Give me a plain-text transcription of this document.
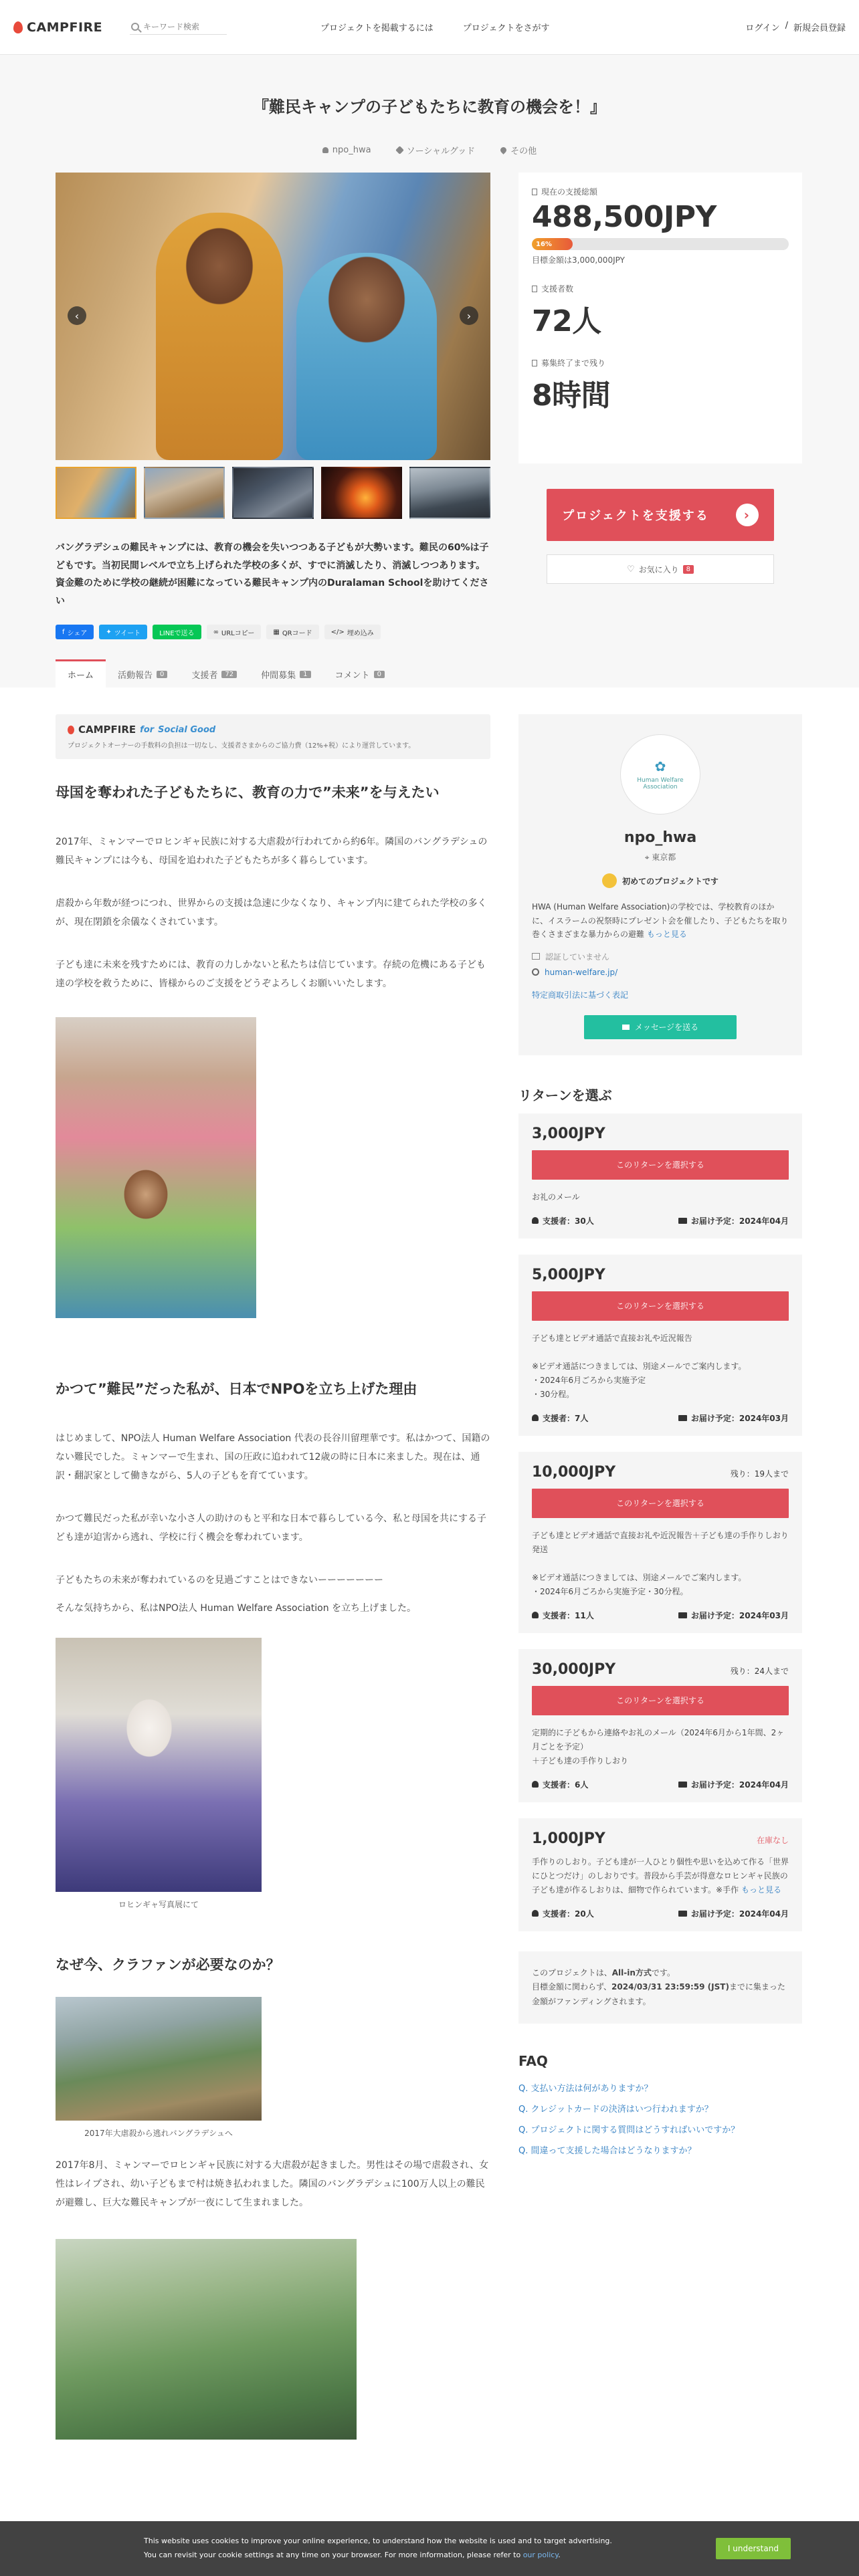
CAMPFIRE
キーワード検索	プロジェクトを掲載するには	プロジェクトをさがす	ログイン / 新規会員登録
『難民キャンプの子どもたちに教育の機会を！』
npo_hwa	ソーシャルグッド	その他
‹	›

バングラデシュの難民キャンプには、教育の機会を失いつつある子どもが大勢います。難民の60%は子どもです。当初民間レベルで立ち上げられた学校の多くが、すでに消滅したり、消滅しつつあります。資金難のために学校の継続が困難になっている難民キャンプ内のDuralaman Schoolを助けてください

f シェア	✦ ツイート	LINEで送る	∞ URLコピー	▦ QRコード	</> 埋め込み
現在の支援総額
488,500JPY
16%
目標金額は3,000,000JPY
支援者数
72人
募集終了まで残り
8時間
プロジェクトを支援する	›
♡ お気に入り	8
ホーム	活動報告	0	支援者	72	仲間募集	1	コメント	0
CAMPFIRE for Social Good
プロジェクトオーナーの手数料の負担は一切なし、支援者さまからのご協力費（12%+税）により運営しています。
母国を奪われた子どもたちに、教育の力で”未来”を与えたい

2017年、ミャンマーでロヒンギャ民族に対する大虐殺が行われてから約6年。隣国のバングラデシュの難民キャンプには今も、母国を追われた子どもたちが多く暮らしています。

虐殺から年数が経つにつれ、世界からの支援は急速に少なくなり、キャンプ内に建てられた学校の多くが、現在閉鎖を余儀なくされています。

子ども達に未来を残すためには、教育の力しかないと私たちは信じています。存続の危機にある子ども達の学校を救うために、皆様からのご支援をどうぞよろしくお願いいたします。

かつて”難民”だった私が、日本でNPOを立ち上げた理由

はじめまして、NPO法人 Human Welfare Association 代表の長谷川留理華です。私はかつて、国籍のない難民でした。ミャンマーで生まれ、国の圧政に追われて12歳の時に日本に来ました。現在は、通訳・翻訳家として働きながら、5人の子どもを育てています。

かつて難民だった私が幸いな小さ人の助けのもと平和な日本で暮らしている今、私と母国を共にする子ども達が迫害から逃れ、学校に行く機会を奪われています。

子どもたちの未来が奪われているのを見過ごすことはできないーーーーーーー

そんな気持ちから、私はNPO法人 Human Welfare Association を立ち上げました。

ロヒンギャ写真展にて
なぜ今、クラファンが必要なのか？
2017年大虐殺から逃れバングラデシュへ

2017年8月、ミャンマーでロヒンギャ民族に対する大虐殺が起きました。男性はその場で虐殺され、女性はレイプされ、幼い子どもまで村は焼き払われました。隣国のバングラデシュに100万人以上の難民が避難し、巨大な難民キャンプが一夜にして生まれました。

✿
Human Welfare Association
npo_hwa
⌖ 東京都
初めてのプロジェクトです

HWA (Human Welfare Association)の学校では、学校教育のほかに、イスラームの祝祭時にプレゼント会を催したり、子どもたちを取り巻くさまざまな暴力からの避難 もっと見る

認証していません
human-welfare.jp/
特定商取引法に基づく表記
メッセージを送る
リターンを選ぶ
3,000JPY
このリターンを選択する
お礼のメール
支援者：30人	お届け予定：2024年04月
5,000JPY
このリターンを選択する
子ども達とビデオ通話で直接お礼や近況報告

※ビデオ通話につきましては、別途メールでご案内します。
・2024年6月ごろから実施予定
・30分程。
支援者：7人	お届け予定：2024年03月
10,000JPY	残り：19人まで
このリターンを選択する
子ども達とビデオ通話で直接お礼や近況報告＋子ども達の手作りしおり発送

※ビデオ通話につきましては、別途メールでご案内します。
・2024年6月ごろから実施予定・30分程。
支援者：11人	お届け予定：2024年03月
30,000JPY	残り：24人まで
このリターンを選択する
定期的に子どもから連絡やお礼のメール（2024年6月から1年間、2ヶ月ごとを予定）
＋子ども達の手作りしおり
支援者：6人	お届け予定：2024年04月
1,000JPY	在庫なし
手作りのしおり。子ども達が一人ひとり個性や思いを込めて作る「世界にひとつだけ」のしおりです。普段から手芸が得意なロヒンギャ民族の子ども達が作るしおりは、細物で作られています。※手作 もっと見る
支援者：20人	お届け予定：2024年04月
このプロジェクトは、All-in方式です。
目標金額に関わらず、2024/03/31 23:59:59 (JST)までに集まった金額がファンディングされます。
FAQ
Q. 支払い方法は何がありますか？
Q. クレジットカードの決済はいつ行われますか？
Q. プロジェクトに関する質問はどうすればいいですか？
Q. 間違って支援した場合はどうなりますか？
This website uses cookies to improve your online experience, to understand how the website is used and to target advertising.
You can revisit your cookie settings at any time on your browser. For more information, please refer to our policy.
I understand
